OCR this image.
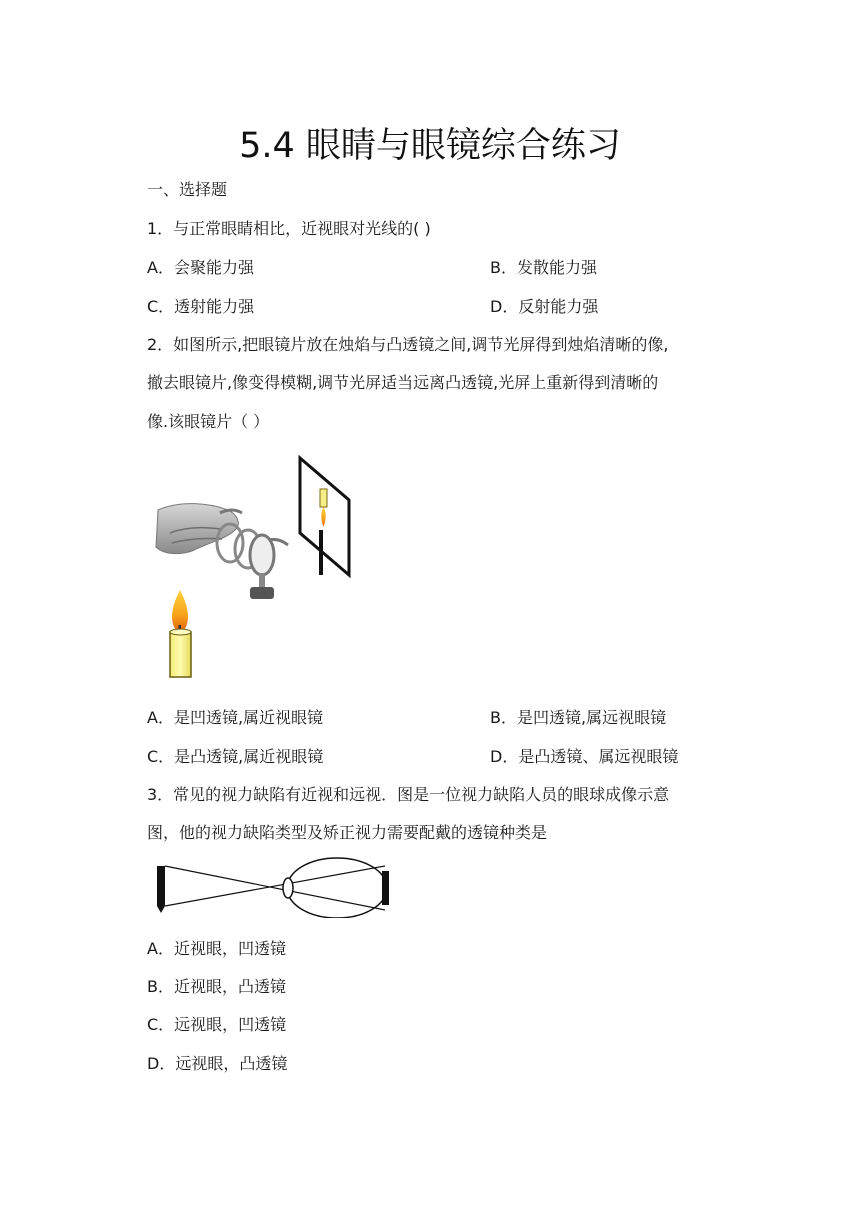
5.4 眼睛与眼镜综合练习
一、选择题
1．与正常眼睛相比，近视眼对光线的( )
A．会聚能力强	B．发散能力强
C．透射能力强	D．反射能力强
2．如图所示,把眼镜片放在烛焰与凸透镜之间,调节光屏得到烛焰清晰的像,
撤去眼镜片,像变得模糊,调节光屏适当远离凸透镜,光屏上重新得到清晰的
像.该眼镜片（ ）
A．是凹透镜,属近视眼镜	B．是凹透镜,属远视眼镜
C．是凸透镜,属近视眼镜	D．是凸透镜、属远视眼镜
3．常见的视力缺陷有近视和远视．图是一位视力缺陷人员的眼球成像示意
图，他的视力缺陷类型及矫正视力需要配戴的透镜种类是
A．近视眼，凹透镜
B．近视眼，凸透镜
C．远视眼，凹透镜
D．远视眼，凸透镜
